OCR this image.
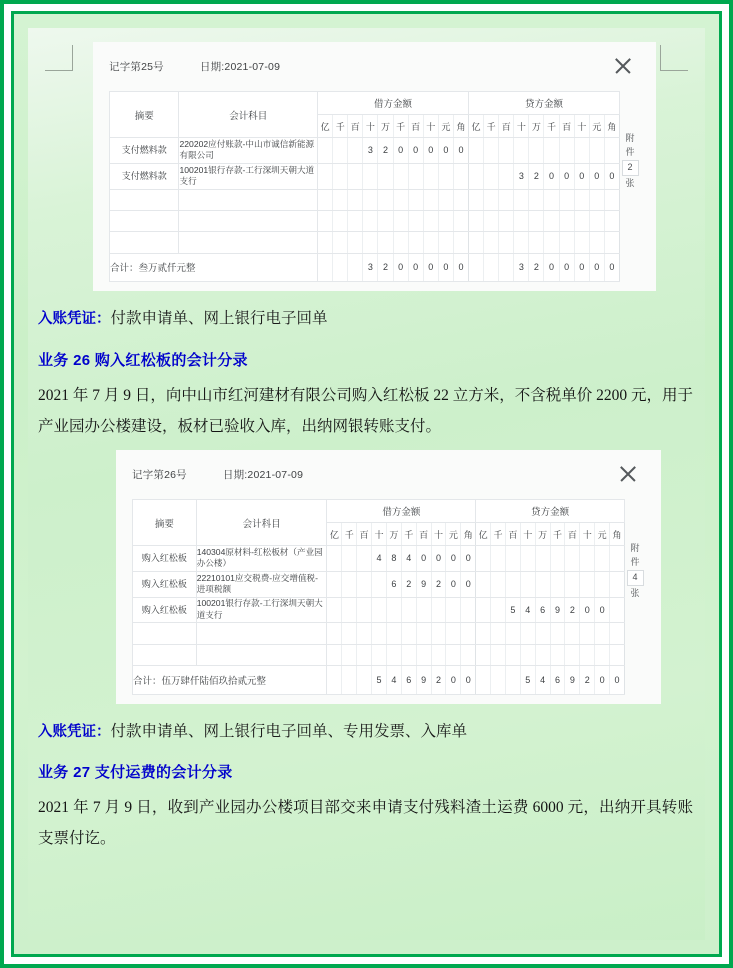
记字第25号	日期:2021-07-09
摘要	会计科目	借方金额										贷方金额									
		亿	千	百	十	万	千	百	十	元	角	亿	千	百	十	万	千	百	十	元	角
支付燃料款	220202应付账款-中山市诚信新能源有限公司				3	2	0	0	0	0	0										
支付燃料款	100201银行存款-工行深圳天朝大道支行														3	2	0	0	0	0	0

合计：叁万贰仟元整					3	2	0	0	0	0	0				3	2	0	0	0	0	0
附
件
2
张
入账凭证：付款申请单、网上银行电子回单
业务 26 购入红松板的会计分录

2021 年 7 月 9 日，向中山市红河建材有限公司购入红松板 22 立方米，不含税单价 2200 元，用于产业园办公楼建设，板材已验收入库，出纳网银转账支付。

记字第26号	日期:2021-07-09
摘要	会计科目	借方金额										贷方金额									
		亿	千	百	十	万	千	百	十	元	角	亿	千	百	十	万	千	百	十	元	角
购入红松板	140304原材料-红松板材（产业园办公楼）				4	8	4	0	0	0	0										
购入红松板	22210101应交税费-应交增值税-进项税额					6	2	9	2	0	0										
购入红松板	100201银行存款-工行深圳天朝大道支行													5	4	6	9	2	0	0	

合计：伍万肆仟陆佰玖拾贰元整					5	4	6	9	2	0	0				5	4	6	9	2	0	0
附
件
4
张
入账凭证：付款申请单、网上银行电子回单、专用发票、入库单
业务 27 支付运费的会计分录

2021 年 7 月 9 日，收到产业园办公楼项目部交来申请支付残料渣土运费 6000 元，出纳开具转账支票付讫。
